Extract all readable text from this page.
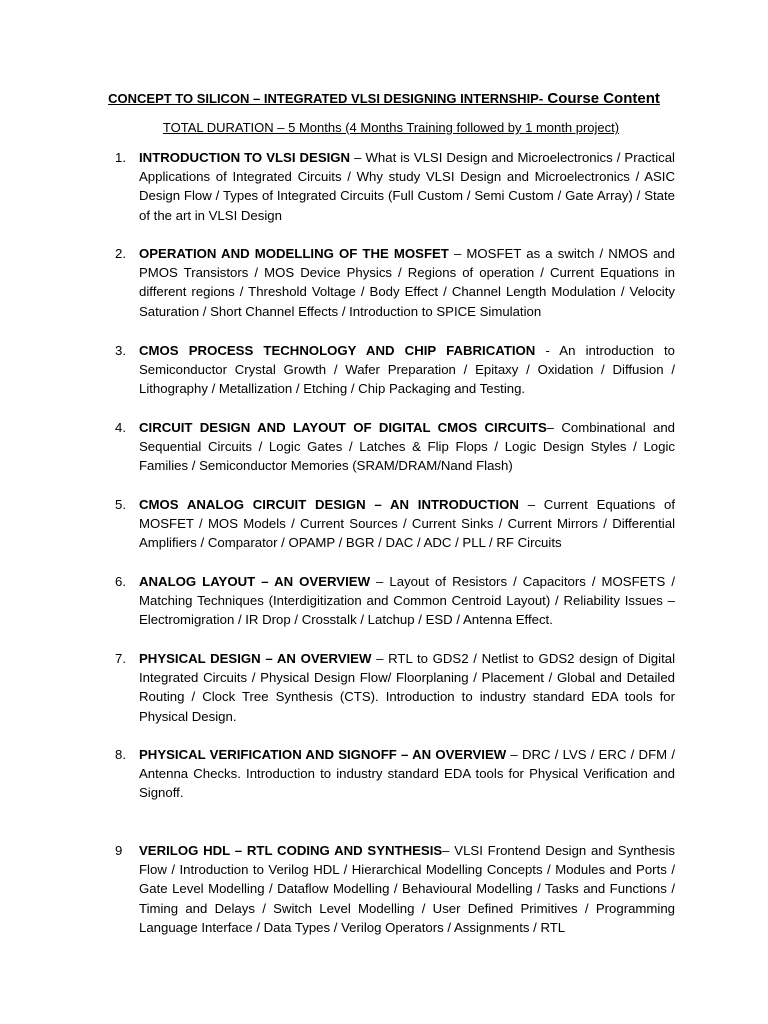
CONCEPT TO SILICON – INTEGRATED VLSI DESIGNING INTERNSHIP- Course Content
TOTAL DURATION – 5 Months (4 Months Training followed by 1 month project)
1. INTRODUCTION TO VLSI DESIGN – What is VLSI Design and Microelectronics / Practical Applications of Integrated Circuits / Why study VLSI Design and Microelectronics / ASIC Design Flow / Types of Integrated Circuits (Full Custom / Semi Custom / Gate Array) / State of the art in VLSI Design
2. OPERATION AND MODELLING OF THE MOSFET – MOSFET as a switch / NMOS and PMOS Transistors / MOS Device Physics / Regions of operation / Current Equations in different regions / Threshold Voltage / Body Effect / Channel Length Modulation / Velocity Saturation / Short Channel Effects / Introduction to SPICE Simulation
3. CMOS PROCESS TECHNOLOGY AND CHIP FABRICATION - An introduction to Semiconductor Crystal Growth / Wafer Preparation / Epitaxy / Oxidation / Diffusion / Lithography / Metallization / Etching / Chip Packaging and Testing.
4. CIRCUIT DESIGN AND LAYOUT OF DIGITAL CMOS CIRCUITS– Combinational and Sequential Circuits / Logic Gates / Latches & Flip Flops / Logic Design Styles / Logic Families / Semiconductor Memories (SRAM/DRAM/Nand Flash)
5. CMOS ANALOG CIRCUIT DESIGN – AN INTRODUCTION – Current Equations of MOSFET / MOS Models / Current Sources / Current Sinks / Current Mirrors / Differential Amplifiers / Comparator / OPAMP / BGR / DAC / ADC / PLL / RF Circuits
6. ANALOG LAYOUT – AN OVERVIEW – Layout of Resistors / Capacitors / MOSFETS / Matching Techniques (Interdigitization and Common Centroid Layout) / Reliability Issues – Electromigration / IR Drop / Crosstalk / Latchup / ESD / Antenna Effect.
7. PHYSICAL DESIGN – AN OVERVIEW – RTL to GDS2 / Netlist to GDS2 design of Digital Integrated Circuits / Physical Design Flow/ Floorplaning / Placement / Global and Detailed Routing / Clock Tree Synthesis (CTS). Introduction to industry standard EDA tools for Physical Design.
8. PHYSICAL VERIFICATION AND SIGNOFF – AN OVERVIEW – DRC / LVS / ERC / DFM / Antenna Checks. Introduction to industry standard EDA tools for Physical Verification and Signoff.
9 VERILOG HDL – RTL CODING AND SYNTHESIS– VLSI Frontend Design and Synthesis Flow / Introduction to Verilog HDL / Hierarchical Modelling Concepts / Modules and Ports / Gate Level Modelling / Dataflow Modelling / Behavioural Modelling / Tasks and Functions / Timing and Delays / Switch Level Modelling / User Defined Primitives / Programming Language Interface / Data Types / Verilog Operators / Assignments / RTL
